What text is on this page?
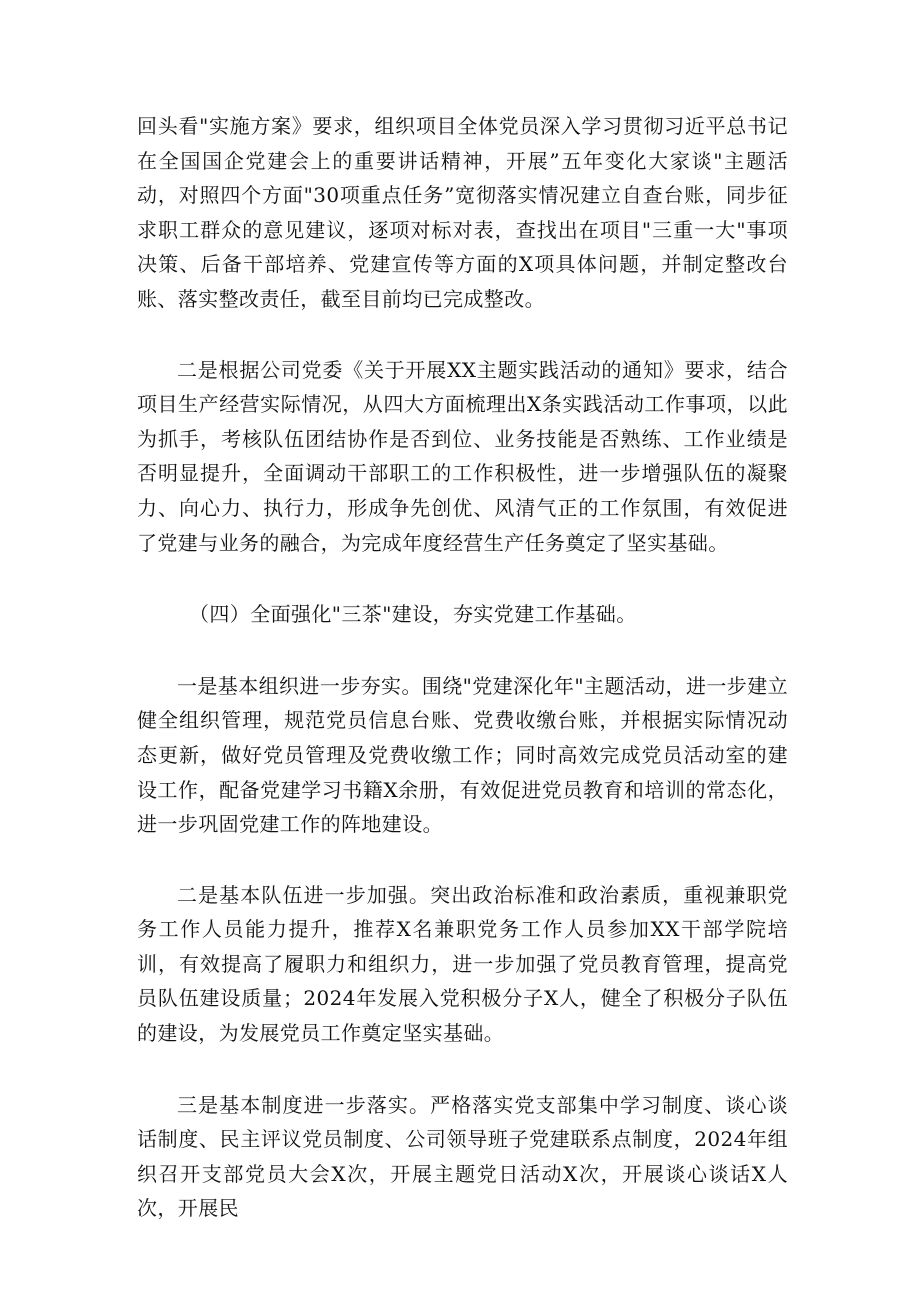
回头看"实施方案》要求，组织项目全体党员深入学习贯彻习近平总书记在全国国企党建会上的重要讲话精神，开展”五年变化大家谈"主题活动，对照四个方面"30项重点任务”宽彻落实情况建立自查台账，同步征求职工群众的意见建议，逐项对标对表，查找出在项目"三重一大"事项决策、后备干部培养、党建宣传等方面的X项具体问题，并制定整改台账、落实整改责任，截至目前均已完成整改。

二是根据公司党委《关于开展XX主题实践活动的通知》要求，结合项目生产经营实际情况，从四大方面梳理出X条实践活动工作事项，以此为抓手，考核队伍团结协作是否到位、业务技能是否熟练、工作业绩是否明显提升，全面调动干部职工的工作积极性，进一步增强队伍的凝聚力、向心力、执行力，形成争先创优、风清气正的工作氛围，有效促进了党建与业务的融合，为完成年度经营生产任务奠定了坚实基础。

（四）全面强化"三茶"建设，夯实党建工作基础。

一是基本组织进一步夯实。围绕"党建深化年"主题活动，进一步建立健全组织管理，规范党员信息台账、党费收缴台账，并根据实际情况动态更新，做好党员管理及党费收缴工作；同时高效完成党员活动室的建设工作，配备党建学习书籍X余册，有效促进党员教育和培训的常态化，进一步巩固党建工作的阵地建设。

二是基本队伍进一步加强。突出政治标准和政治素质，重视兼职党务工作人员能力提升，推荐X名兼职党务工作人员参加XX干部学院培训，有效提高了履职力和组织力，进一步加强了党员教育管理，提高党员队伍建设质量；2024年发展入党积极分子X人，健全了积极分子队伍的建设，为发展党员工作奠定坚实基础。

三是基本制度进一步落实。严格落实党支部集中学习制度、谈心谈话制度、民主评议党员制度、公司领导班子党建联系点制度，2024年组织召开支部党员大会X次，开展主题党日活动X次，开展谈心谈话X人次，开展民
